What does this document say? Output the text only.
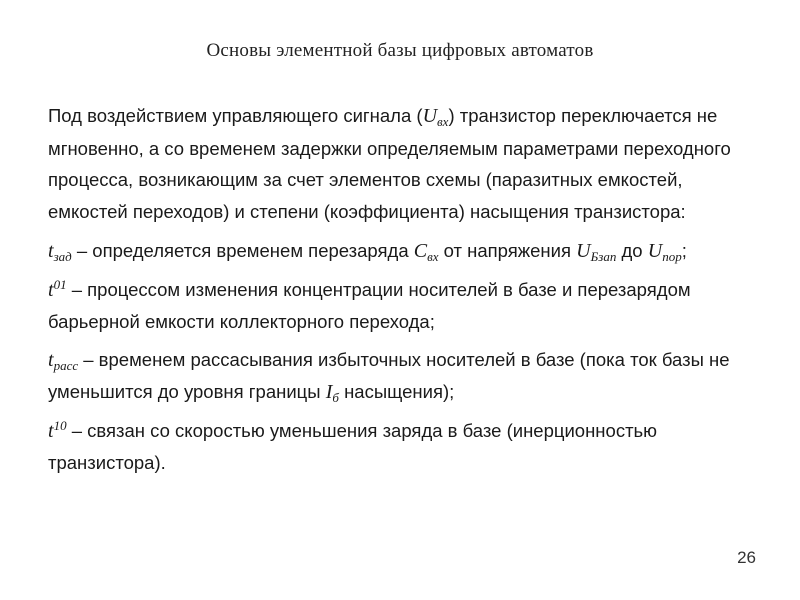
Основы элементной базы цифровых автоматов

Под воздействием управляющего сигнала $(U_{вх})$ транзистор переключается не мгновенно, а со временем задержки определяемым параметрами переходного процесса, возникающим за счет элементов схемы (паразитных емкостей, емкостей переходов) и степени (коэффициента) насыщения транзистора:

$t_{зад}$ – определяется временем перезаряда $C_{вх}$ от напряжения $U_{Бзап}$ до $U_{пор}$;

$t^{01}$ – процессом изменения концентрации носителей в базе и перезарядом барьерной емкости коллекторного перехода;

$t_{расс}$ – временем рассасывания избыточных носителей в базе (пока ток базы не уменьшится до уровня границы $I_б$ насыщения);

$t^{10}$ – связан со скоростью уменьшения заряда в базе (инерционностью транзистора).

26
